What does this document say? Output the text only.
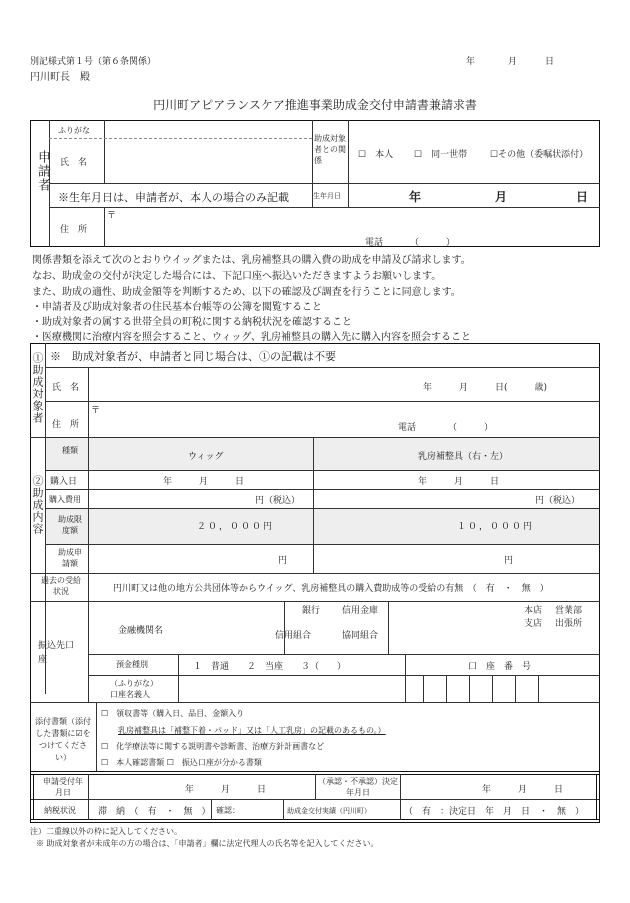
別記様式第１号（第６条関係）	年	月	日
円川町長　殿
円川町アピアランスケア推進事業助成金交付申請書兼請求書
申請者
ふりがな
氏　名
助成対象者との関係
☐　本人 ☐　同一世帯	☐その他（委嘱状添付）
※生年月日は、申請者が、本人の場合のみ記載	生年月日	年	月	日
住　所
〒
電話	（　　　）
関係書類を添えて次のとおりウイッグまたは、乳房補整具の購入費の助成を申請及び請求します。
なお、助成金の交付が決定した場合には、下記口座へ振込いただきますようお願いします。
また、助成の適性、助成金額等を判断するため、以下の確認及び調査を行うことに同意します。
・申請者及び助成対象者の住民基本台帳等の公簿を閲覧すること
・助成対象者の属する世帯全員の町税に関する納税状況を確認すること
・医療機関に治療内容を照会すること、ウィッグ、乳房補整具の購入先に購入内容を照会すること
①助成対象者 ※　助成対象者が、申請者と同じ場合は、①の記載は不要
氏　名	年　　　月　　　日(　　　歳)
住　所
〒
電話	（　　　）
②助成内容
種類
ウィッグ	乳房補整具（右・左）
購入日	年　　　月　　　日	年　　　月　　　日
購入費用	円（税込）	円（税込）
助成限度額	２０，０００円	１０，０００円
助成申請額	円	円
過去の受給状況	円川町又は他の地方公共団体等からウイッグ、乳房補整具の購入費助成等の受給の有無　（　有　・　無　）
振込先口座
金融機関名
銀行 信用金庫
信用組合	協同組合
本店 営業部
支店 出張所
預金種別	１　普通　　２　当座　　３（　　）	口　座　番　号
（ふりがな）
口座名義人
添付書類（添付した書類に☑をつけてください）
☐　領収書等（購入日、品目、金額入り
乳房補整具は「補整下着・パッド」又は「人工乳房」の記載のあるもの。）
☐　化学療法等に関する説明書や診断書、治療方針計画書など
☐　本人確認書類 ☐　振込口座が分かる書類
申請受付年月日	年　　　月　　　日
（承認・不承認）決定年月日	年　　　月　　　日
納税状況 滞　納　（　有　・　無　） 確認：	助成金交付実績（円川町）	（　有　：決定日　年　月　日　・　無　）
注）二重線以外の枠に記入してください。
※ 助成対象者が未成年の方の場合は、「申請者」欄に法定代理人の氏名等を記入してください。
